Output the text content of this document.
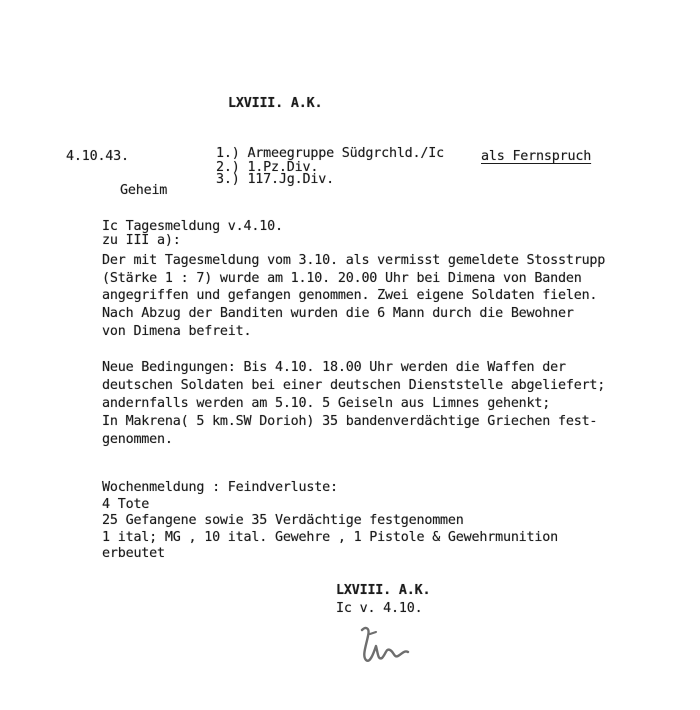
LXVIII. A.K.
4.10.43.	1.) Armeegruppe Südgrchld./Ic
2.) 1.Pz.Div.
3.) 117.Jg.Div.
als Fernspruch
Geheim
Ic Tagesmeldung v.4.10.
zu III a):
Der mit Tagesmeldung vom 3.10. als vermisst gemeldete Stosstrupp
(Stärke 1 : 7) wurde am 1.10. 20.00 Uhr bei Dimena von Banden
angegriffen und gefangen genommen. Zwei eigene Soldaten fielen.
Nach Abzug der Banditen wurden die 6 Mann durch die Bewohner
von Dimena befreit.
Neue Bedingungen: Bis 4.10. 18.00 Uhr werden die Waffen der
deutschen Soldaten bei einer deutschen Dienststelle abgeliefert;
andernfalls werden am 5.10. 5 Geiseln aus Limnes gehenkt;
In Makrena( 5 km.SW Dorioh) 35 bandenverdächtige Griechen fest-
genommen.
Wochenmeldung : Feindverluste:
4 Tote
25 Gefangene sowie 35 Verdächtige festgenommen
1 ital; MG , 10 ital. Gewehre , 1 Pistole & Gewehrmunition
erbeutet
LXVIII. A.K.
Ic v. 4.10.
